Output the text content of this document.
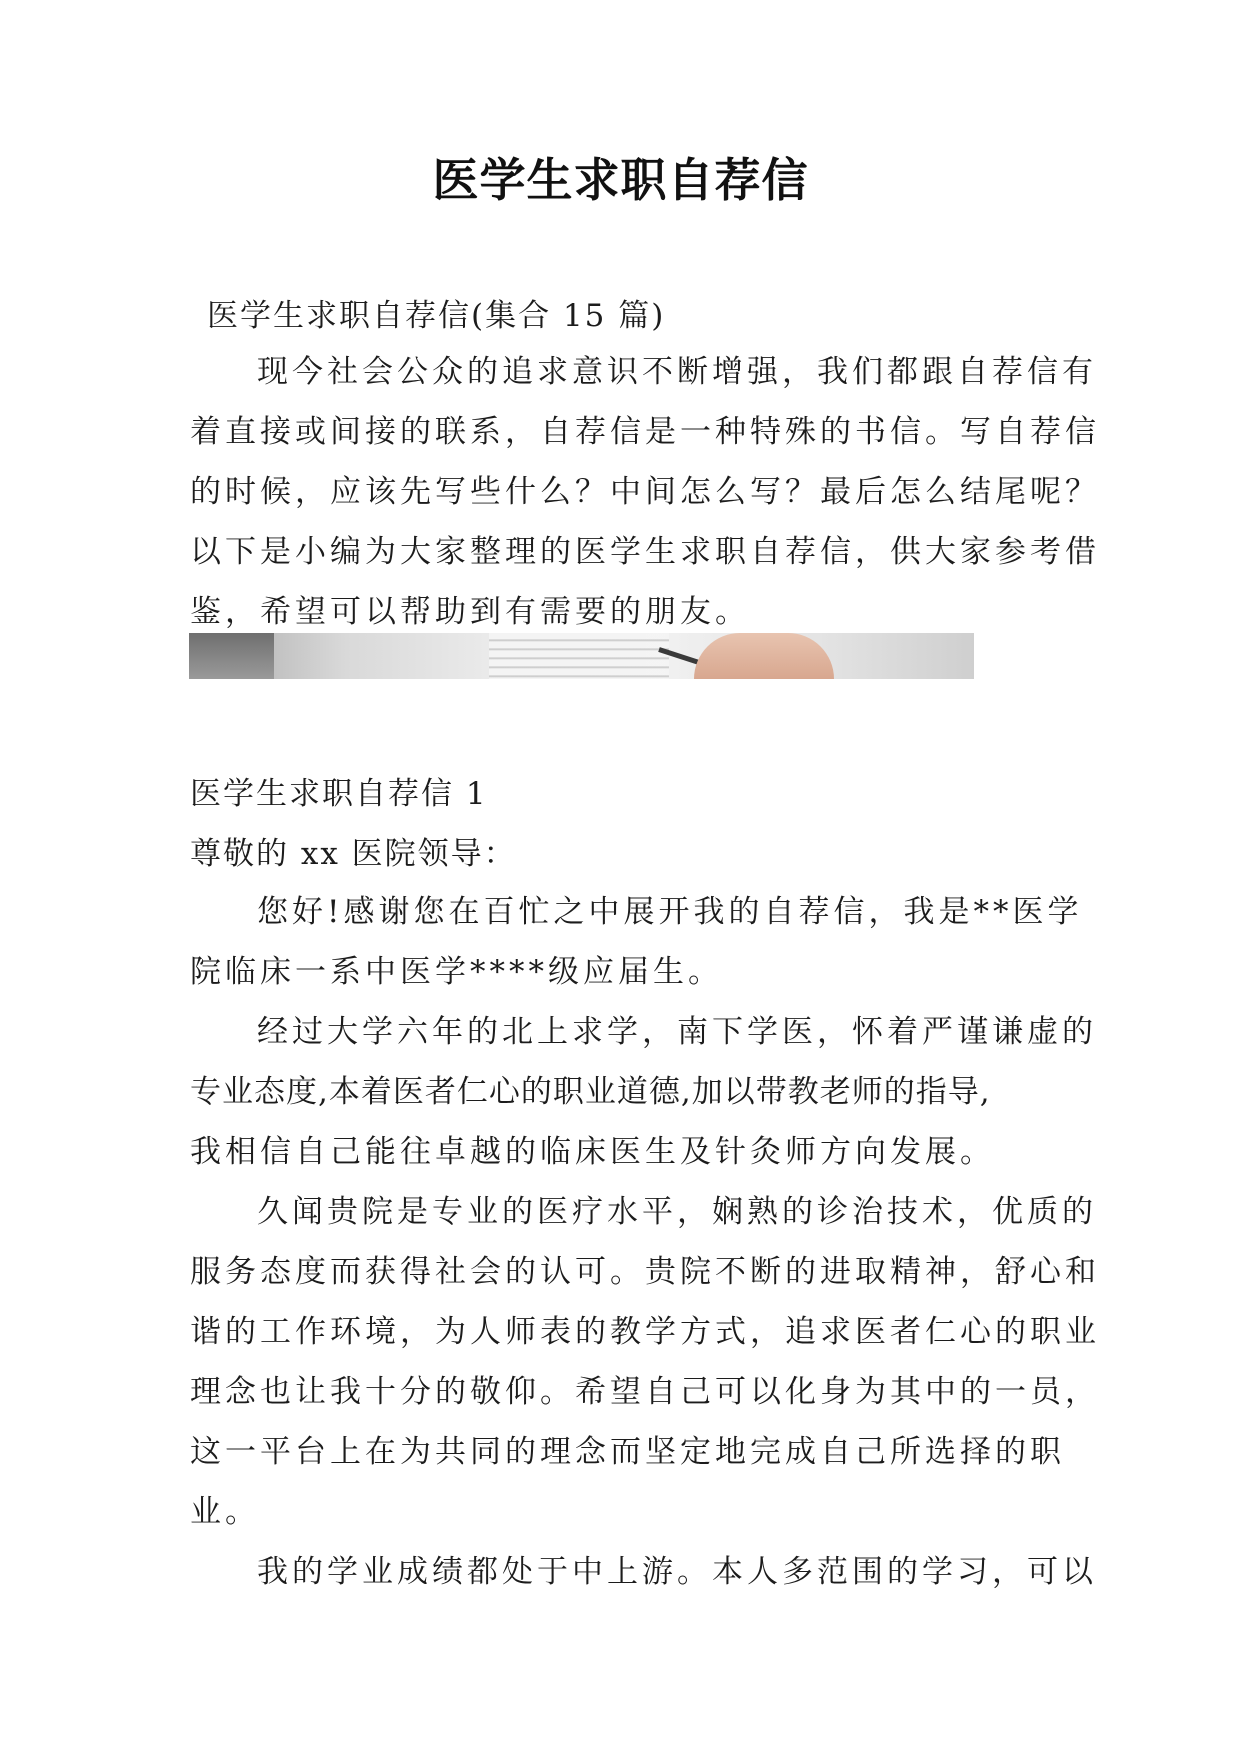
医学生求职自荐信
医学生求职自荐信(集合 15 篇)
现今社会公众的追求意识不断增强，我们都跟自荐信有
着直接或间接的联系，自荐信是一种特殊的书信。写自荐信
的时候，应该先写些什么？中间怎么写？最后怎么结尾呢？
以下是小编为大家整理的医学生求职自荐信，供大家参考借
鉴，希望可以帮助到有需要的朋友。
医学生求职自荐信 1
尊敬的 xx 医院领导：
您好!感谢您在百忙之中展开我的自荐信，我是**医学
院临床一系中医学****级应届生。
经过大学六年的北上求学，南下学医，怀着严谨谦虚的
专业态度,本着医者仁心的职业道德,加以带教老师的指导,
我相信自己能往卓越的临床医生及针灸师方向发展。
久闻贵院是专业的医疗水平，娴熟的诊治技术，优质的
服务态度而获得社会的认可。贵院不断的进取精神，舒心和
谐的工作环境，为人师表的教学方式，追求医者仁心的职业
理念也让我十分的敬仰。希望自己可以化身为其中的一员，
这一平台上在为共同的理念而坚定地完成自己所选择的职
业。
我的学业成绩都处于中上游。本人多范围的学习，可以
